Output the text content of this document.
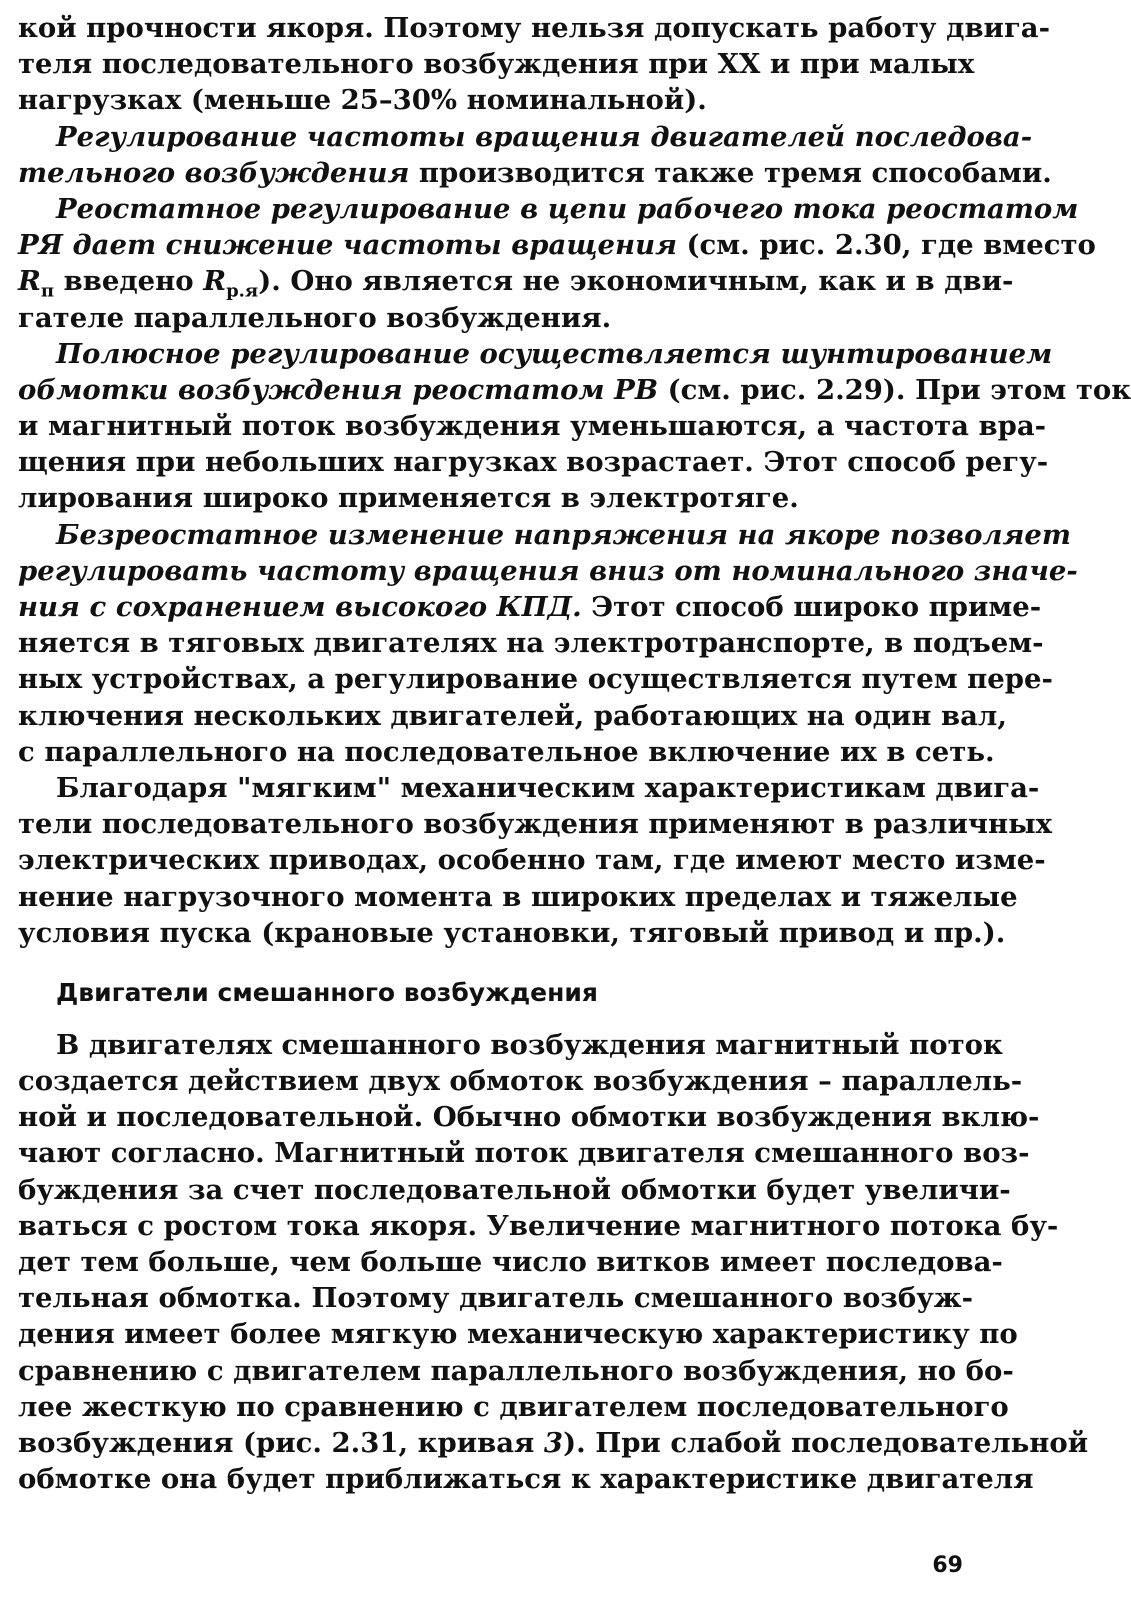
кой прочности якоря. Поэтому нельзя допускать работу двига-
теля последовательного возбуждения при XX и при малых
нагрузках (меньше 25–30% номинальной).
Регулирование частоты вращения двигателей последова-
тельного возбуждения производится также тремя способами.
Реостатное регулирование в цепи рабочего тока реостатом
РЯ дает снижение частоты вращения (см. рис. 2.30, где вместо
$R_п$ введено $R_{р.я}$). Оно является не экономичным, как и в дви-
гателе параллельного возбуждения.
Полюсное регулирование осуществляется шунтированием
обмотки возбуждения реостатом РВ (см. рис. 2.29). При этом ток
и магнитный поток возбуждения уменьшаются, а частота вра-
щения при небольших нагрузках возрастает. Этот способ регу-
лирования широко применяется в электротяге.
Безреостатное изменение напряжения на якоре позволяет
регулировать частоту вращения вниз от номинального значе-
ния с сохранением высокого КПД. Этот способ широко приме-
няется в тяговых двигателях на электротранспорте, в подъем-
ных устройствах, а регулирование осуществляется путем пере-
ключения нескольких двигателей, работающих на один вал,
с параллельного на последовательное включение их в сеть.
Благодаря "мягким" механическим характеристикам двига-
тели последовательного возбуждения применяют в различных
электрических приводах, особенно там, где имеют место изме-
нение нагрузочного момента в широких пределах и тяжелые
условия пуска (крановые установки, тяговый привод и пр.).
Двигатели смешанного возбуждения
В двигателях смешанного возбуждения магнитный поток
создается действием двух обмоток возбуждения – параллель-
ной и последовательной. Обычно обмотки возбуждения вклю-
чают согласно. Магнитный поток двигателя смешанного воз-
буждения за счет последовательной обмотки будет увеличи-
ваться с ростом тока якоря. Увеличение магнитного потока бу-
дет тем больше, чем больше число витков имеет последова-
тельная обмотка. Поэтому двигатель смешанного возбуж-
дения имеет более мягкую механическую характеристику по
сравнению с двигателем параллельного возбуждения, но бо-
лее жесткую по сравнению с двигателем последовательного
возбуждения (рис. 2.31, кривая 3). При слабой последовательной
обмотке она будет приближаться к характеристике двигателя
69
